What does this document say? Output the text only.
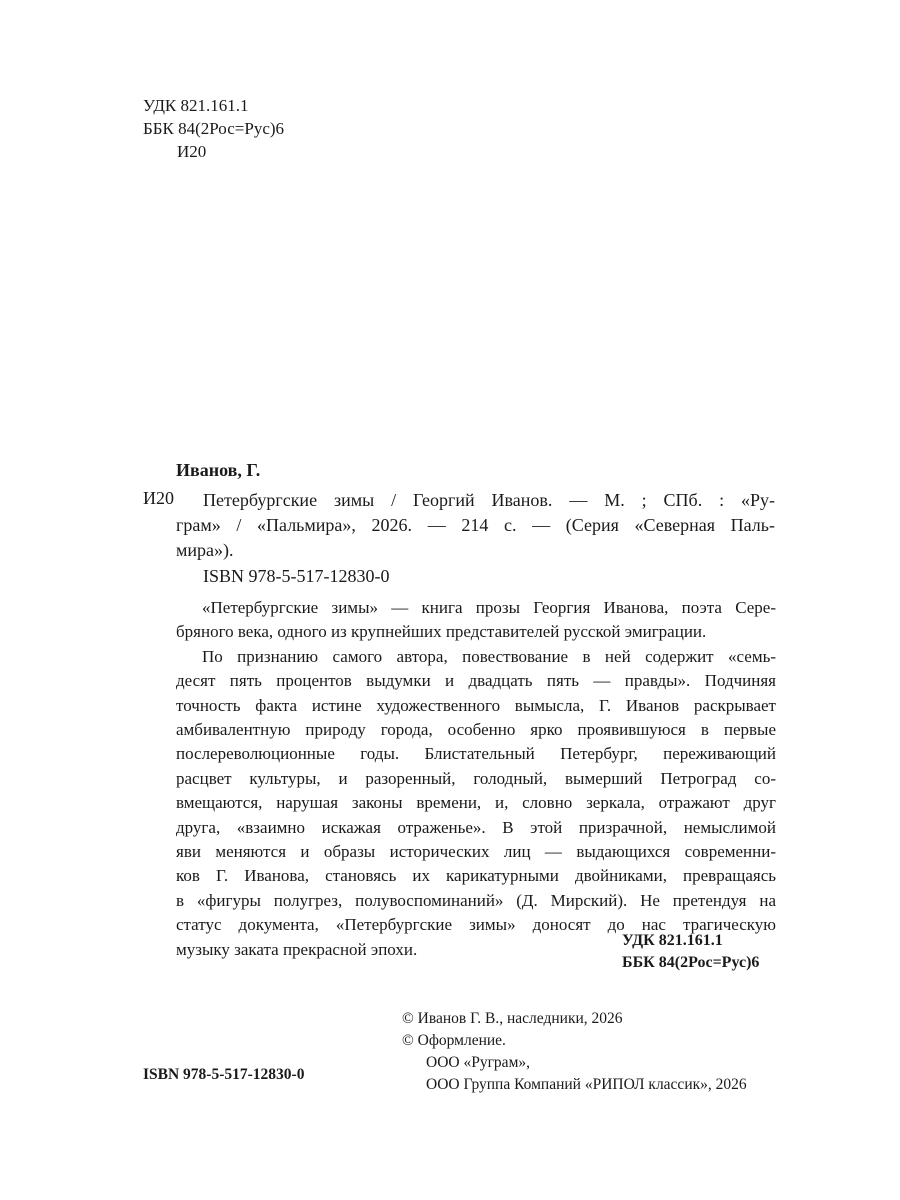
УДК 821.161.1
ББК 84(2Рос=Рус)6
И20
Иванов, Г.
И20 Петербургские зимы / Георгий Иванов. — М. ; СПб. : «Ру-
грам» / «Пальмира», 2026. — 214 с. — (Серия «Северная Паль-
мира»).
ISBN 978-5-517-12830-0

«Петербургские зимы» — книга прозы Георгия Иванова, поэта Сере-
бряного века, одного из крупнейших представителей русской эмиграции.

По признанию самого автора, повествование в ней содержит «семь-
десят пять процентов выдумки и двадцать пять — правды». Подчиняя
точность факта истине художественного вымысла, Г. Иванов раскрывает
амбивалентную природу города, особенно ярко проявившуюся в первые
послереволюционные годы. Блистательный Петербург, переживающий
расцвет культуры, и разоренный, голодный, вымерший Петроград со-
вмещаются, нарушая законы времени, и, словно зеркала, отражают друг
друга, «взаимно искажая отраженье». В этой призрачной, немыслимой
яви меняются и образы исторических лиц — выдающихся современни-
ков Г. Иванова, становясь их карикатурными двойниками, превращаясь
в «фигуры полугрез, полувоспоминаний» (Д. Мирский). Не претендуя на
статус документа, «Петербургские зимы» доносят до нас трагическую
музыку заката прекрасной эпохи.	УДК 821.161.1
ББК 84(2Рос=Рус)6
© Иванов Г. В., наследники, 2026
© Оформление.
ООО «Руграм»,
ООО Группа Компаний «РИПОЛ классик», 2026
ISBN 978-5-517-12830-0
